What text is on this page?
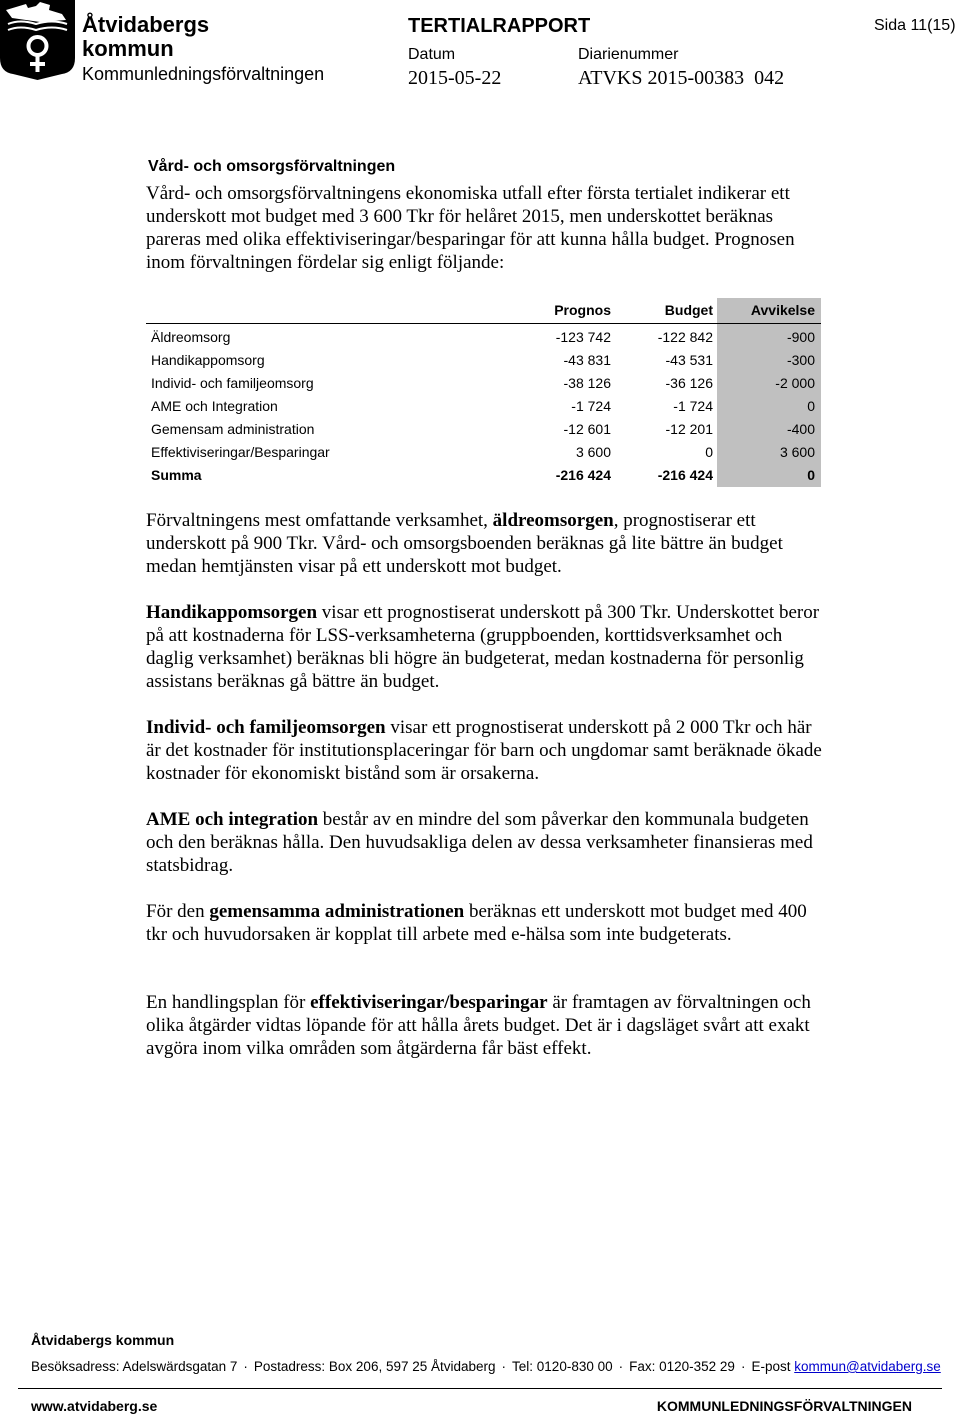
Åtvidabergs
kommun
Kommunledningsförvaltningen
TERTIALRAPPORT	Sida 11(15)
Datum
2015-05-22
Diarienummer
ATVKS 2015-00383  042
Vård- och omsorgsförvaltningen

Vård- och omsorgsförvaltningens ekonomiska utfall efter första tertialet indikerar ett underskott mot budget med 3 600 Tkr för helåret 2015, men underskottet beräknas pareras med olika effektiviseringar/besparingar för att kunna hålla budget. Prognosen inom förvaltningen fördelar sig enligt följande:

	Prognos	Budget	Avvikelse
Äldreomsorg	-123 742	-122 842	-900
Handikappomsorg	-43 831	-43 531	-300
Individ- och familjeomsorg	-38 126	-36 126	-2 000
AME och Integration	-1 724	-1 724	0
Gemensam administration	-12 601	-12 201	-400
Effektiviseringar/Besparingar	3 600	0	3 600
Summa	-216 424	-216 424	0

Förvaltningens mest omfattande verksamhet, äldreomsorgen, prognostiserar ett underskott på 900 Tkr. Vård- och omsorgsboenden beräknas gå lite bättre än budget medan hemtjänsten visar på ett underskott mot budget.

Handikappomsorgen visar ett prognostiserat underskott på 300 Tkr. Underskottet beror på att kostnaderna för LSS-verksamheterna (gruppboenden, korttidsverksamhet och daglig verksamhet) beräknas bli högre än budgeterat, medan kostnaderna för personlig assistans beräknas gå bättre än budget.

Individ- och familjeomsorgen visar ett prognostiserat underskott på 2 000 Tkr och här är det kostnader för institutionsplaceringar för barn och ungdomar samt beräknade ökade kostnader för ekonomiskt bistånd som är orsakerna.

AME och integration består av en mindre del som påverkar den kommunala budgeten och den beräknas hålla. Den huvudsakliga delen av dessa verksamheter finansieras med statsbidrag.

För den gemensamma administrationen beräknas ett underskott mot budget med 400 tkr och huvudorsaken är kopplat till arbete med e-hälsa som inte budgeterats.

En handlingsplan för effektiviseringar/besparingar är framtagen av förvaltningen och olika åtgärder vidtas löpande för att hålla årets budget. Det är i dagsläget svårt att exakt avgöra inom vilka områden som åtgärderna får bäst effekt.

Åtvidabergs kommun
Besöksadress: Adelswärdsgatan 7 · Postadress: Box 206, 597 25 Åtvidaberg · Tel: 0120-830 00 · Fax: 0120-352 29 · E-post kommun@atvidaberg.se
www.atvidaberg.se	KOMMUNLEDNINGSFÖRVALTNINGEN
